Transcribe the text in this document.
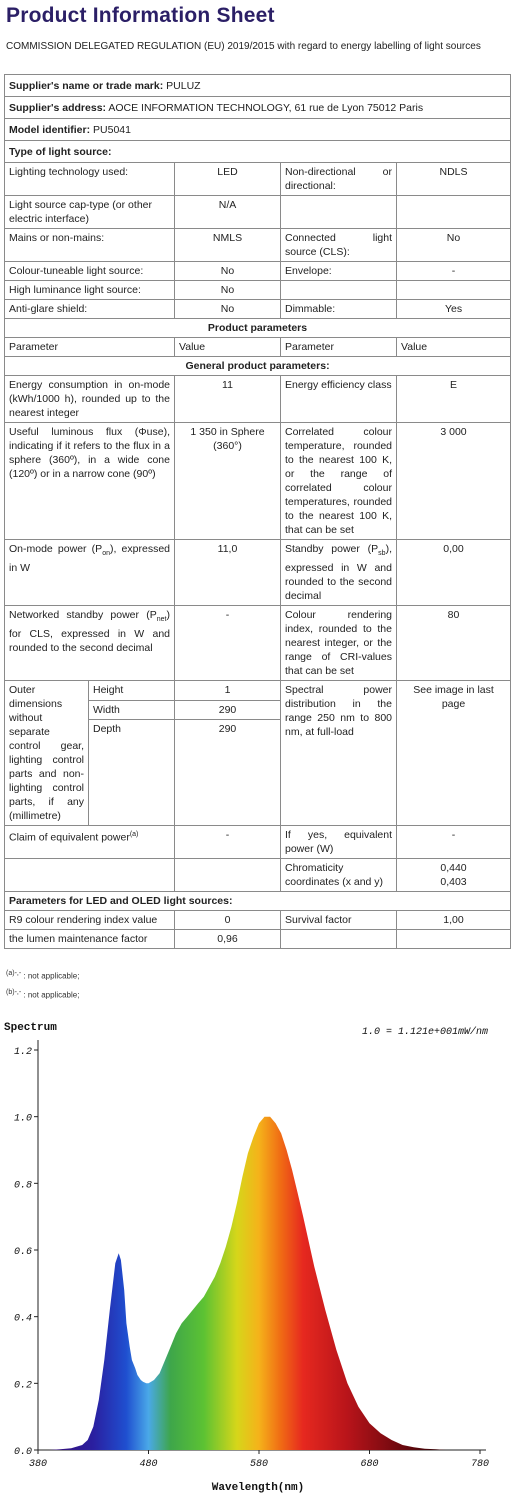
Product Information Sheet
COMMISSION DELEGATED REGULATION (EU) 2019/2015 with regard to energy labelling of light sources
Supplier's name or trade mark: PULUZ				
Supplier's address: AOCE INFORMATION TECHNOLOGY, 61 rue de Lyon 75012 Paris				
Model identifier: PU5041				
Type of light source:				
Lighting technology used:		LED	Non-directional or directional:	NDLS
Light source cap-type (or other electric interface)		N/A		
Mains or non-mains:		NMLS	Connected light source (CLS):	No
Colour-tuneable light source:		No	Envelope:	-
High luminance light source:		No		
Anti-glare shield:		No	Dimmable:	Yes
Product parameters				
Parameter		Value	Parameter	Value
General product parameters:				
Energy consumption in on-mode (kWh/1000 h), rounded up to the nearest integer		11	Energy efficiency class	E
Useful luminous flux (Φuse), indicating if it refers to the flux in a sphere (360º), in a wide cone (120º) or in a narrow cone (90º)		1 350 in Sphere (360°)	Correlated colour temperature, rounded to the nearest 100 K, or the range of correlated colour temperatures, rounded to the nearest 100 K, that can be set	3 000
On-mode power $(P_{on})$, expressed in W		11,0	Standby power $(P_{sb})$, expressed in W and rounded to the second decimal	0,00
Networked standby power $(P_{net})$ for CLS, expressed in W and rounded to the second decimal		-	Colour rendering index, rounded to the nearest integer, or the range of CRI-values that can be set	80
Outer dimensions without separate control gear, lighting control parts and non-lighting control parts, if any (millimetre)	Height	1	Spectral power distribution in the range 250 nm to 800 nm, at full-load	See image in last page
	Width	290		
	Depth	290		
Claim of equivalent power$^{(a)}$		-	If yes, equivalent power (W)	-
			Chromaticity coordinates (x and y)	0,440
0,403

Parameters for LED and OLED light sources:				
R9 colour rendering index value		0	Survival factor	1,00
the lumen maintenance factor		0,96		
(a)-,- : not applicable;
(b)-,- : not applicable;
Spectrum	1.0 = 1.121e+001mW/nm
0.0
0.2
0.4
0.6
0.8
1.0
1.2
380	480	580	680	780
Wavelength(nm)
